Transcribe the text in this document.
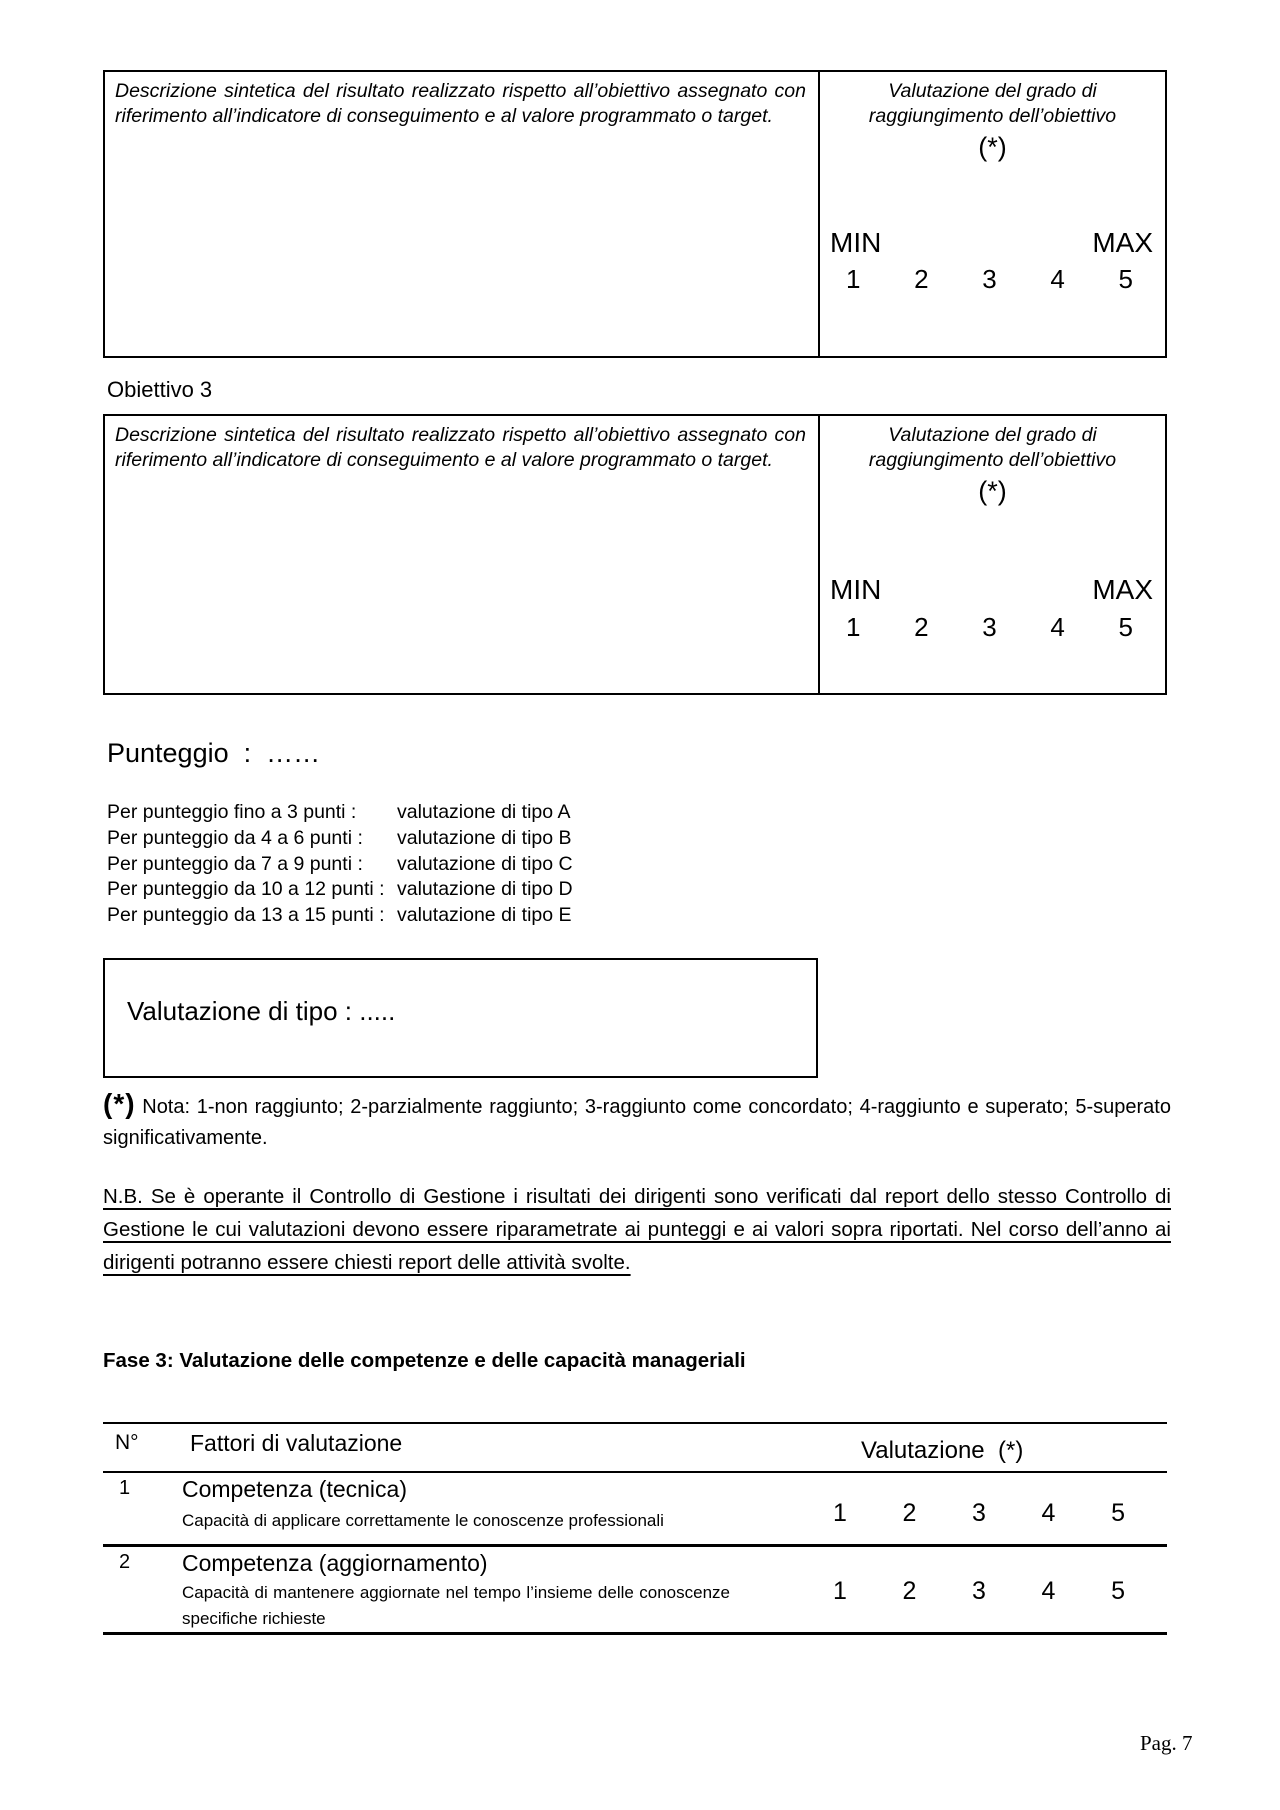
Descrizione sintetica del risultato realizzato rispetto all’obiettivo assegnato con riferimento all’indicatore di conseguimento e al valore programmato o target.
Valutazione del grado di raggiungimento dell’obiettivo
(*)
MIN	MAX
1 2 3 4 5
Obiettivo 3
Descrizione sintetica del risultato realizzato rispetto all’obiettivo assegnato con riferimento all’indicatore di conseguimento e al valore programmato o target.
Valutazione del grado di raggiungimento dell’obiettivo
(*)
MIN	MAX
1 2 3 4 5
Punteggio  :  ……
Per punteggio fino a 3 punti :	valutazione di tipo A
Per punteggio da 4 a 6 punti :	valutazione di tipo B
Per punteggio da 7 a 9 punti :	valutazione di tipo C
Per punteggio da 10 a 12 punti : valutazione di tipo D
Per punteggio da 13 a 15 punti : valutazione di tipo E
Valutazione di tipo : .....
(*) Nota: 1-non raggiunto; 2-parzialmente raggiunto; 3-raggiunto come concordato; 4-raggiunto e superato; 5-superato significativamente.
N.B. Se è operante il Controllo di Gestione i risultati dei dirigenti sono verificati dal report dello stesso Controllo di Gestione le cui valutazioni devono essere riparametrate ai punteggi e ai valori sopra riportati. Nel corso dell’anno ai dirigenti potranno essere chiesti report delle attività svolte.
Fase 3: Valutazione delle competenze e delle capacità manageriali
N° Fattori di valutazione	Valutazione  (*)
1 Competenza (tecnica)
Capacità di applicare correttamente le conoscenze professionali	1 2 3 4 5
2 Competenza (aggiornamento)
Capacità di mantenere aggiornate nel tempo l’insieme delle conoscenze specifiche richieste
1 2 3 4 5
Pag. 7
